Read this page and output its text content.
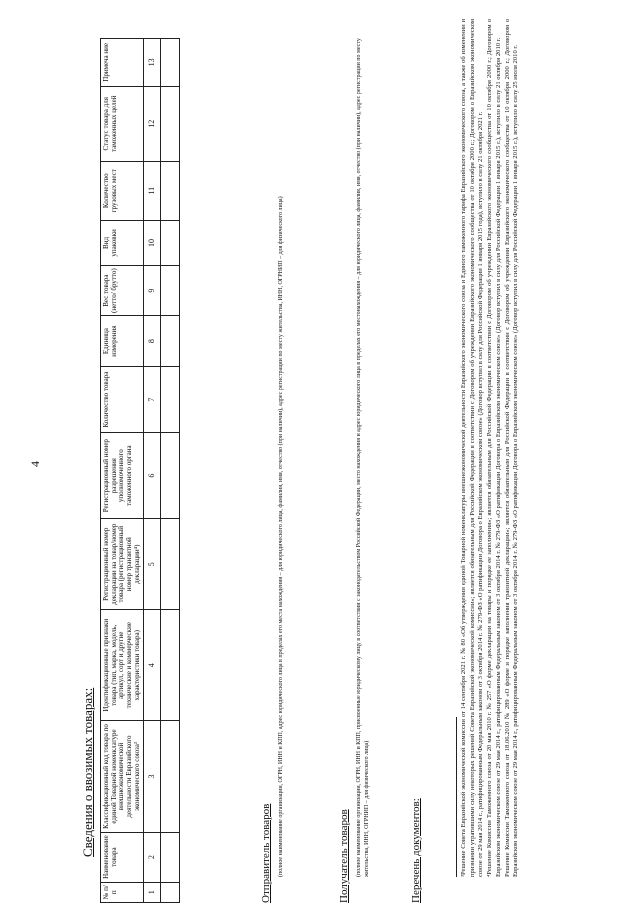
4
Сведения о ввозимых товарах:
№ п/п	Наименование товара	Классификационный код товара по единой Товарной номенклатуре внешнеэкономической деятельности Евразийского экономического союза³	Идентификационные признаки товара (тип, марка, модель, артикул, сорт и другие технические и коммерческие характеристики товара)	Регистрационный номер декларации на товар/номер товара (регистрационный номер транзитной декларации⁴)	Регистрационный номер разрешения уполномоченного таможенного органа	Количество товара	Единица измерения	Вес товара (нетто/ брутто)	Вид упаковки	Количество грузовых мест	Статус товара для таможенных целей	Примеча ние
1	2	3	4	5	6	7	8	9	10	11	12	13

Отправитель товаров (полное наименование организации, ОГРН, ИНН и КПП, адрес юридического лица в пределах его места нахождения – для юридического лица, фамилия, имя, отчество (при наличии), адрес регистрации по месту жительства, ИНН, ОГРНИП – для физического лица)	Получатель товаров (полное наименование организации, ОГРН, ИНН и КПП, присвоенные юридическому лицу в соответствии с законодательством Российской Федерации, место нахождения и адрес юридического лица в пределах его местонахождения – для юридического лица, фамилия, имя, отчество (при наличии), адрес регистрации по месту жительства, ИНН, ОГРНИП – для физического лица)	Перечень документов:	³Решение Совета Евразийской экономической комиссии от 14 сентября 2021 г. № 80 «Об утверждении единой Товарной номенклатуры внешнеэкономической деятельности Евразийского экономического союза и Единого таможенного тарифа Евразийского экономического союза, а также об изменении и признании утратившими силу некоторых решений Совета Евразийской экономической комиссии»; является обязательным для Российской Федерации в соответствии с Договором об учреждении Евразийского экономического сообщества от 10 октября 2000 г.; Договором о Евразийском экономическом союзе от 29 мая 2014 г., ратифицированным Федеральным законом от 3 октября 2014 г. № 279-ФЗ «О ратификации Договора о Евразийском экономическом союзе» (Договор вступил в силу для Российской Федерации 1 января 2015 года), вступило в силу 21 октября 2021 г. ⁴Решение Комиссии Таможенного союза от 20 мая 2010 г. № 257 «О форме декларации на товары и порядке ее заполнения»; является обязательным для Российской Федерации в соответствии с Договором об учреждении Евразийского экономического сообщества от 10 октября 2000 г.; Договором о Евразийском экономическом союзе от 29 мая 2014 г., ратифицированным Федеральным законом от 3 октября 2014 г. № 279-ФЗ «О ратификации Договора о Евразийском экономическом союзе» (Договор вступил в силу для Российской Федерации 1 января 2015 г.), вступило в силу 21 октября 2010 г. Решение Комиссии Таможенного союза от 18.06.2010 № 289 «О форме и порядке заполнения транзитной декларации»; является обязательным для Российской Федерации в соответствии с Договором об учреждении Евразийского экономического сообщества от 10 октября 2000 г.; Договором о Евразийском экономическом союзе от 29 мая 2014 г., ратифицированным Федеральным законом от 3 октября 2014 г. № 279-ФЗ «О ратификации Договора о Евразийском экономическом союзе» (Договор вступил в силу для Российской Федерации 1 января 2015 г.), вступило в силу 25 июля 2010 г.
